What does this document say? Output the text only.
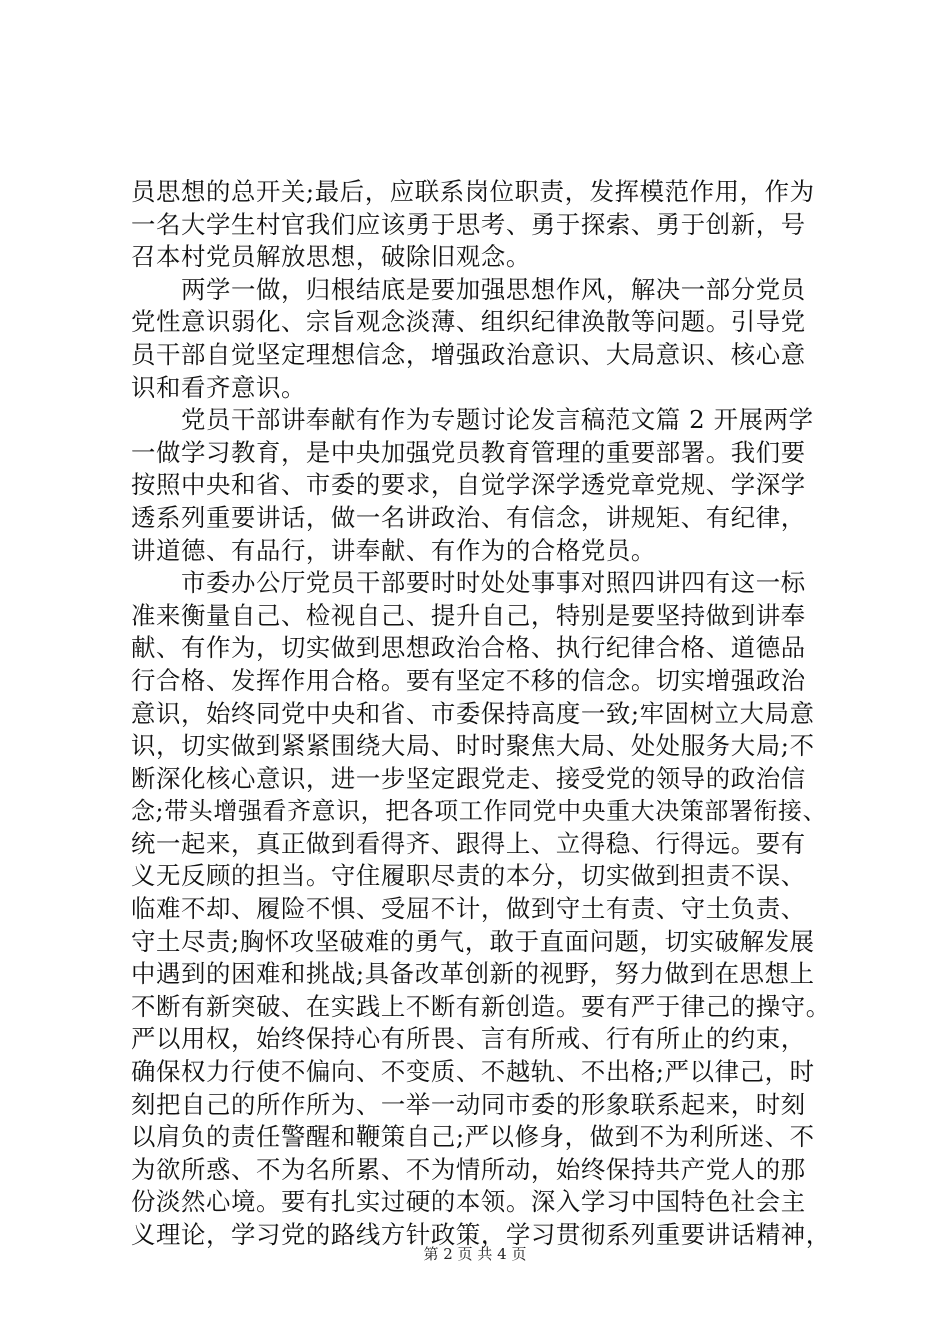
员思想的总开关;最后，应联系岗位职责，发挥模范作用，作为
一名大学生村官我们应该勇于思考、勇于探索、勇于创新，号
召本村党员解放思想，破除旧观念。
　　两学一做，归根结底是要加强思想作风，解决一部分党员
党性意识弱化、宗旨观念淡薄、组织纪律涣散等问题。引导党
员干部自觉坚定理想信念，增强政治意识、大局意识、核心意
识和看齐意识。
　　党员干部讲奉献有作为专题讨论发言稿范文篇 2 开展两学
一做学习教育，是中央加强党员教育管理的重要部署。我们要
按照中央和省、市委的要求，自觉学深学透党章党规、学深学
透系列重要讲话，做一名讲政治、有信念，讲规矩、有纪律，
讲道德、有品行，讲奉献、有作为的合格党员。
　　市委办公厅党员干部要时时处处事事对照四讲四有这一标
准来衡量自己、检视自己、提升自己，特别是要坚持做到讲奉
献、有作为，切实做到思想政治合格、执行纪律合格、道德品
行合格、发挥作用合格。要有坚定不移的信念。切实增强政治
意识，始终同党中央和省、市委保持高度一致;牢固树立大局意
识，切实做到紧紧围绕大局、时时聚焦大局、处处服务大局;不
断深化核心意识，进一步坚定跟党走、接受党的领导的政治信
念;带头增强看齐意识，把各项工作同党中央重大决策部署衔接、
统一起来，真正做到看得齐、跟得上、立得稳、行得远。要有
义无反顾的担当。守住履职尽责的本分，切实做到担责不误、
临难不却、履险不惧、受屈不计，做到守土有责、守土负责、
守土尽责;胸怀攻坚破难的勇气，敢于直面问题，切实破解发展
中遇到的困难和挑战;具备改革创新的视野，努力做到在思想上
不断有新突破、在实践上不断有新创造。要有严于律己的操守。
严以用权，始终保持心有所畏、言有所戒、行有所止的约束，
确保权力行使不偏向、不变质、不越轨、不出格;严以律己，时
刻把自己的所作所为、一举一动同市委的形象联系起来，时刻
以肩负的责任警醒和鞭策自己;严以修身，做到不为利所迷、不
为欲所惑、不为名所累、不为情所动，始终保持共产党人的那
份淡然心境。要有扎实过硬的本领。深入学习中国特色社会主
义理论，学习党的路线方针政策，学习贯彻系列重要讲话精神，
第 2 页 共 4 页
